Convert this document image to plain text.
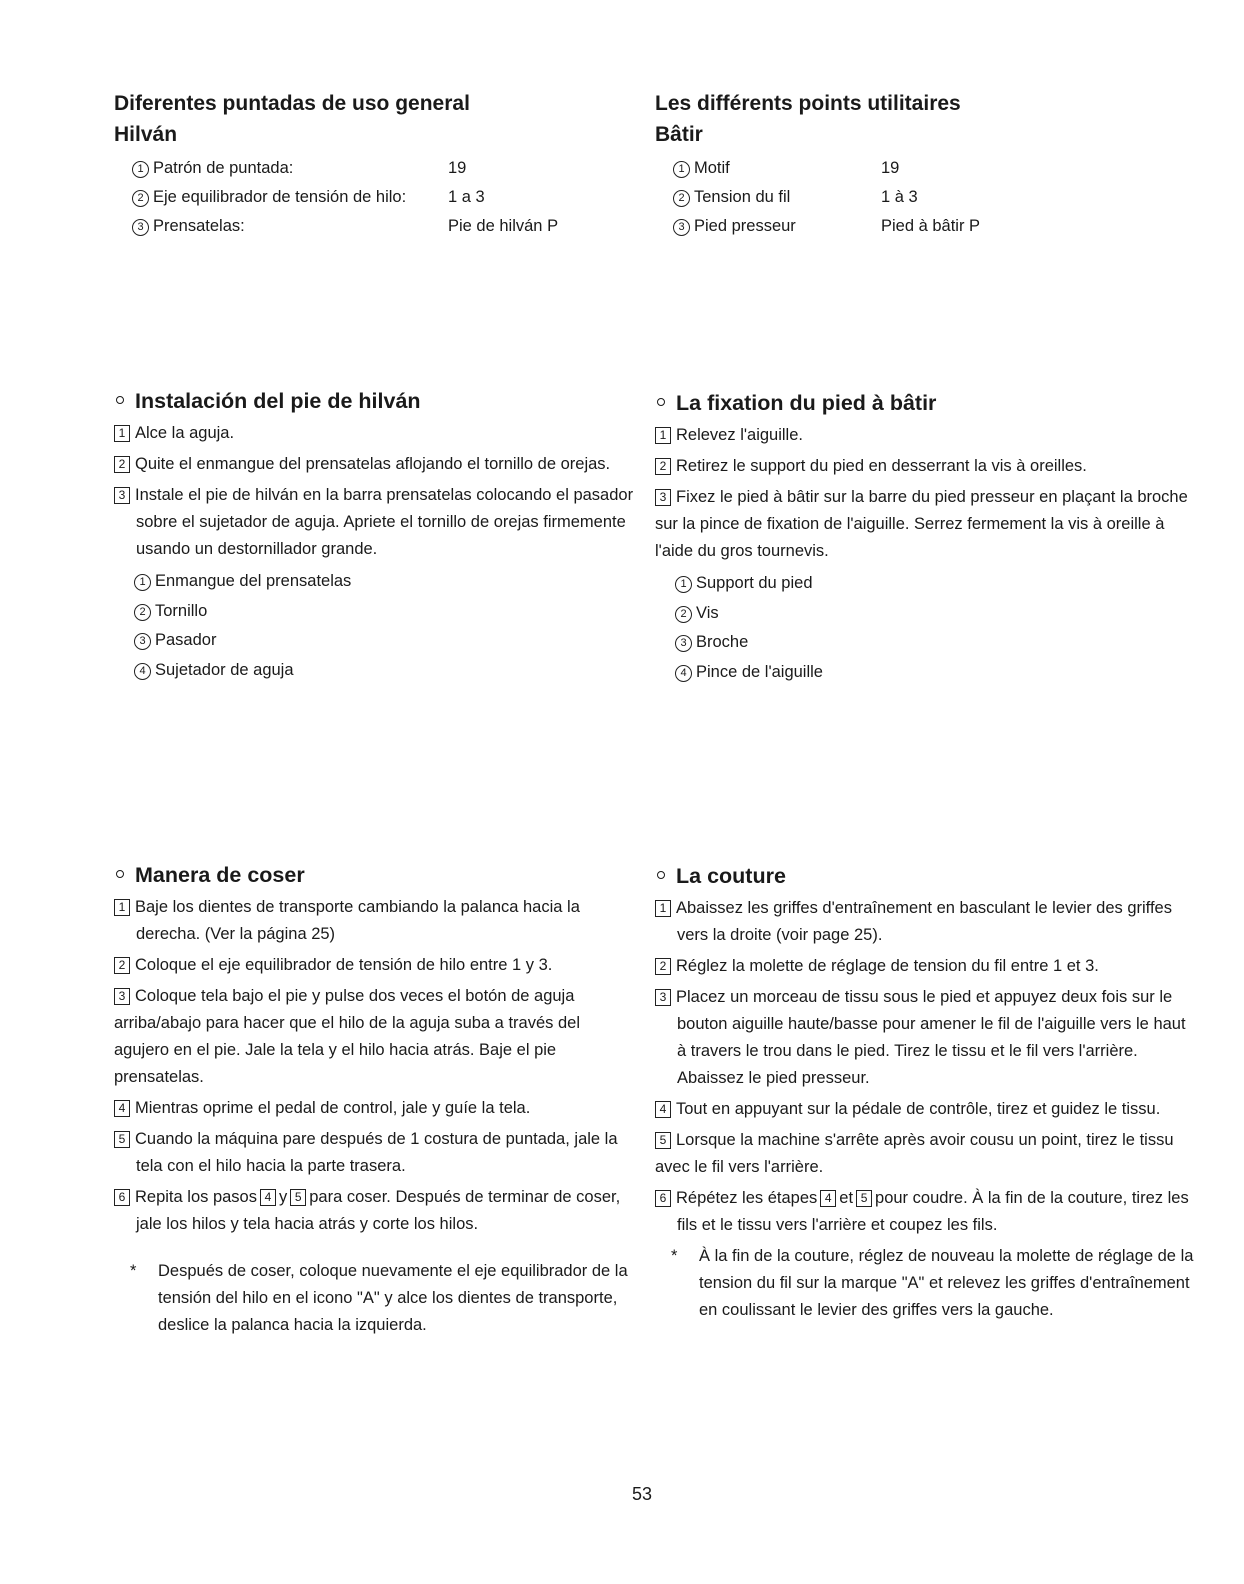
Diferentes puntadas de uso general
Hilván
1 Patrón de puntada:	19
2 Eje equilibrador de tensión de hilo:	1 a 3
3 Prensatelas:	Pie de hilván P
Instalación del pie de hilván

1 Alce la aguja.

2 Quite el enmangue del prensatelas aflojando el tornillo de orejas.

3 Instale el pie de hilván en la barra prensatelas colocando el pasador sobre el sujetador de aguja. Apriete el tornillo de orejas firmemente usando un destornillador grande.

1 Enmangue del prensatelas
2 Tornillo
3 Pasador
4 Sujetador de aguja
Manera de coser

1 Baje los dientes de transporte cambiando la palanca hacia la derecha. (Ver la página 25)

2 Coloque el eje equilibrador de tensión de hilo entre 1 y 3.

3 Coloque tela bajo el pie y pulse dos veces el botón de aguja arriba/abajo para hacer que el hilo de la aguja suba a través del agujero en el pie. Jale la tela y el hilo hacia atrás. Baje el pie prensatelas.

4 Mientras oprime el pedal de control, jale y guíe la tela.

5 Cuando la máquina pare después de 1 costura de puntada, jale la tela con el hilo hacia la parte trasera.

6 Repita los pasos 4 y 5 para coser. Después de terminar de coser, jale los hilos y tela hacia atrás y corte los hilos.

* Después de coser, coloque nuevamente el eje equilibrador de la tensión del hilo en el icono "A" y alce los dientes de transporte, deslice la palanca hacia la izquierda.

Les différents points utilitaires
Bâtir
1 Motif	19
2 Tension du fil	1 à 3
3 Pied presseur	Pied à bâtir P
La fixation du pied à bâtir

1 Relevez l'aiguille.

2 Retirez le support du pied en desserrant la vis à oreilles.

3 Fixez le pied à bâtir sur la barre du pied presseur en plaçant la broche sur la pince de fixation de l'aiguille. Serrez fermement la vis à oreille à l'aide du gros tournevis.

1 Support du pied
2 Vis
3 Broche
4 Pince de l'aiguille
La couture

1 Abaissez les griffes d'entraînement en basculant le levier des griffes vers la droite (voir page 25).

2 Réglez la molette de réglage de tension du fil entre 1 et 3.

3 Placez un morceau de tissu sous le pied et appuyez deux fois sur le bouton aiguille haute/basse pour amener le fil de l'aiguille vers le haut à travers le trou dans le pied. Tirez le tissu et le fil vers l'arrière. Abaissez le pied presseur.

4 Tout en appuyant sur la pédale de contrôle, tirez et guidez le tissu.

5 Lorsque la machine s'arrête après avoir cousu un point, tirez le tissu avec le fil vers l'arrière.

6 Répétez les étapes 4 et 5 pour coudre. À la fin de la couture, tirez les fils et le tissu vers l'arrière et coupez les fils.

* À la fin de la couture, réglez de nouveau la molette de réglage de la tension du fil sur la marque "A" et relevez les griffes d'entraînement en coulissant le levier des griffes vers la gauche.

53
